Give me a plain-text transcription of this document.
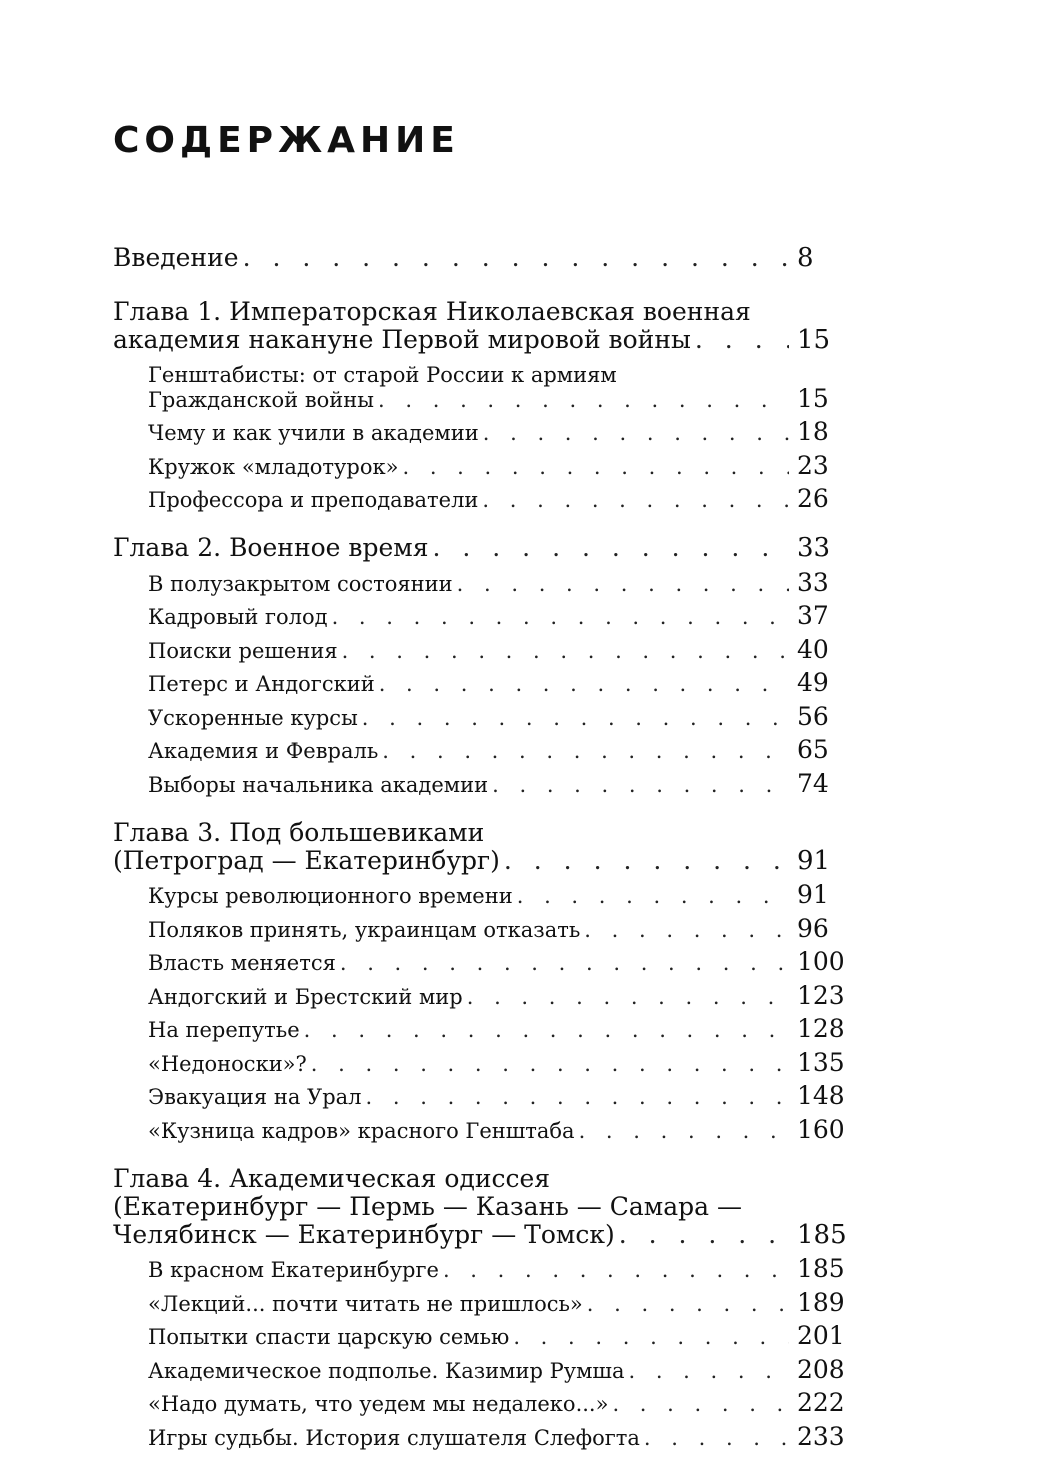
СОДЕРЖАНИЕ
Введение . . .	8
Глава 1. Императорская Николаевская военная
академия накануне Первой мировой войны . . .	15
Генштабисты: от старой России к армиям
Гражданской войны . . .	15
Чему и как учили в академии . . .	18
Кружок «младотурок» . . .	23
Профессора и преподаватели . . .	26
Глава 2. Военное время . . .	33
В полузакрытом состоянии . . .	33
Кадровый голод . . .	37
Поиски решения . . .	40
Петерс и Андогский . . .	49
Ускоренные курсы . . .	56
Академия и Февраль . . .	65
Выборы начальника академии . . .	74
Глава 3. Под большевиками
(Петроград — Екатеринбург) . . .	91
Курсы революционного времени . . .	91
Поляков принять, украинцам отказать . . .	96
Власть меняется . . .	100
Андогский и Брестский мир . . .	123
На перепутье . . .	128
«Недоноски»? . . .	135
Эвакуация на Урал . . .	148
«Кузница кадров» красного Генштаба . . .	160
Глава 4. Академическая одиссея
(Екатеринбург — Пермь — Казань — Самара —
Челябинск — Екатеринбург — Томск) . . .	185
В красном Екатеринбурге . . .	185
«Лекций... почти читать не пришлось» . . .	189
Попытки спасти царскую семью . . .	201
Академическое подполье. Казимир Румша . . .	208
«Надо думать, что уедем мы недалеко...» . . .	222
Игры судьбы. История слушателя Слефогта . . .	233
